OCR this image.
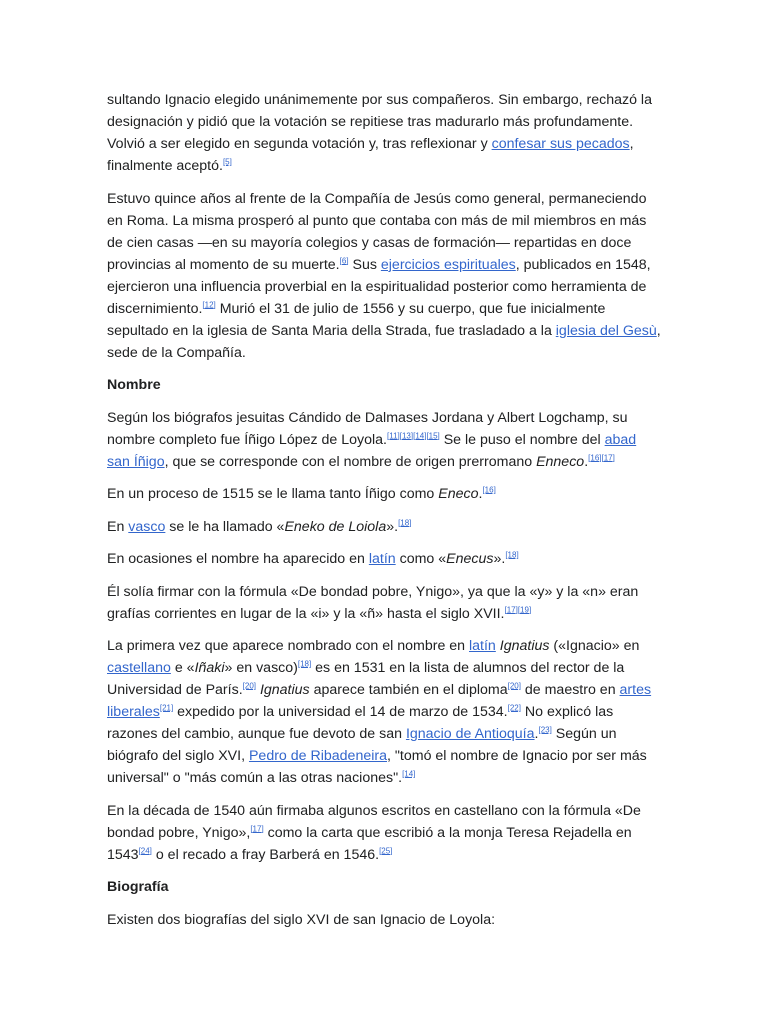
sultando Ignacio elegido unánimemente por sus compañeros. Sin embargo, rechazó la designación y pidió que la votación se repitiese tras madurarlo más profundamente. Volvió a ser elegido en segunda votación y, tras reflexionar y confesar sus pecados, finalmente aceptó.[5]

Estuvo quince años al frente de la Compañía de Jesús como general, permaneciendo en Roma. La misma prosperó al punto que contaba con más de mil miembros en más de cien casas —en su mayoría colegios y casas de formación— repartidas en doce provincias al momento de su muerte.[6] Sus ejercicios espirituales, publicados en 1548, ejercieron una influencia proverbial en la espiritualidad posterior como herramienta de discernimiento.[12] Murió el 31 de julio de 1556 y su cuerpo, que fue inicialmente sepultado en la iglesia de Santa Maria della Strada, fue trasladado a la iglesia del Gesù, sede de la Compañía.

Nombre

Según los biógrafos jesuitas Cándido de Dalmases Jordana y Albert Logchamp, su nombre completo fue Íñigo López de Loyola.[11][13][14][15] Se le puso el nombre del abad san Íñigo, que se corresponde con el nombre de origen prerromano Enneco.[16][17]

En un proceso de 1515 se le llama tanto Íñigo como Eneco.[16]

En vasco se le ha llamado «Eneko de Loiola».[18]

En ocasiones el nombre ha aparecido en latín como «Enecus».[18]

Él solía firmar con la fórmula «De bondad pobre, Ynigo», ya que la «y» y la «n» eran grafías corrientes en lugar de la «i» y la «ñ» hasta el siglo XVII.[17][19]

La primera vez que aparece nombrado con el nombre en latín Ignatius («Ignacio» en castellano e «Iñaki» en vasco)[18] es en 1531 en la lista de alumnos del rector de la Universidad de París.[20] Ignatius aparece también en el diploma[20] de maestro en artes liberales[21] expedido por la universidad el 14 de marzo de 1534.[22] No explicó las razones del cambio, aunque fue devoto de san Ignacio de Antioquía.[23] Según un biógrafo del siglo XVI, Pedro de Ribadeneira, "tomó el nombre de Ignacio por ser más universal" o "más común a las otras naciones".[14]

En la década de 1540 aún firmaba algunos escritos en castellano con la fórmula «De bondad pobre, Ynigo»,[17] como la carta que escribió a la monja Teresa Rejadella en 1543[24] o el recado a fray Barberá en 1546.[25]

Biografía

Existen dos biografías del siglo XVI de san Ignacio de Loyola:
